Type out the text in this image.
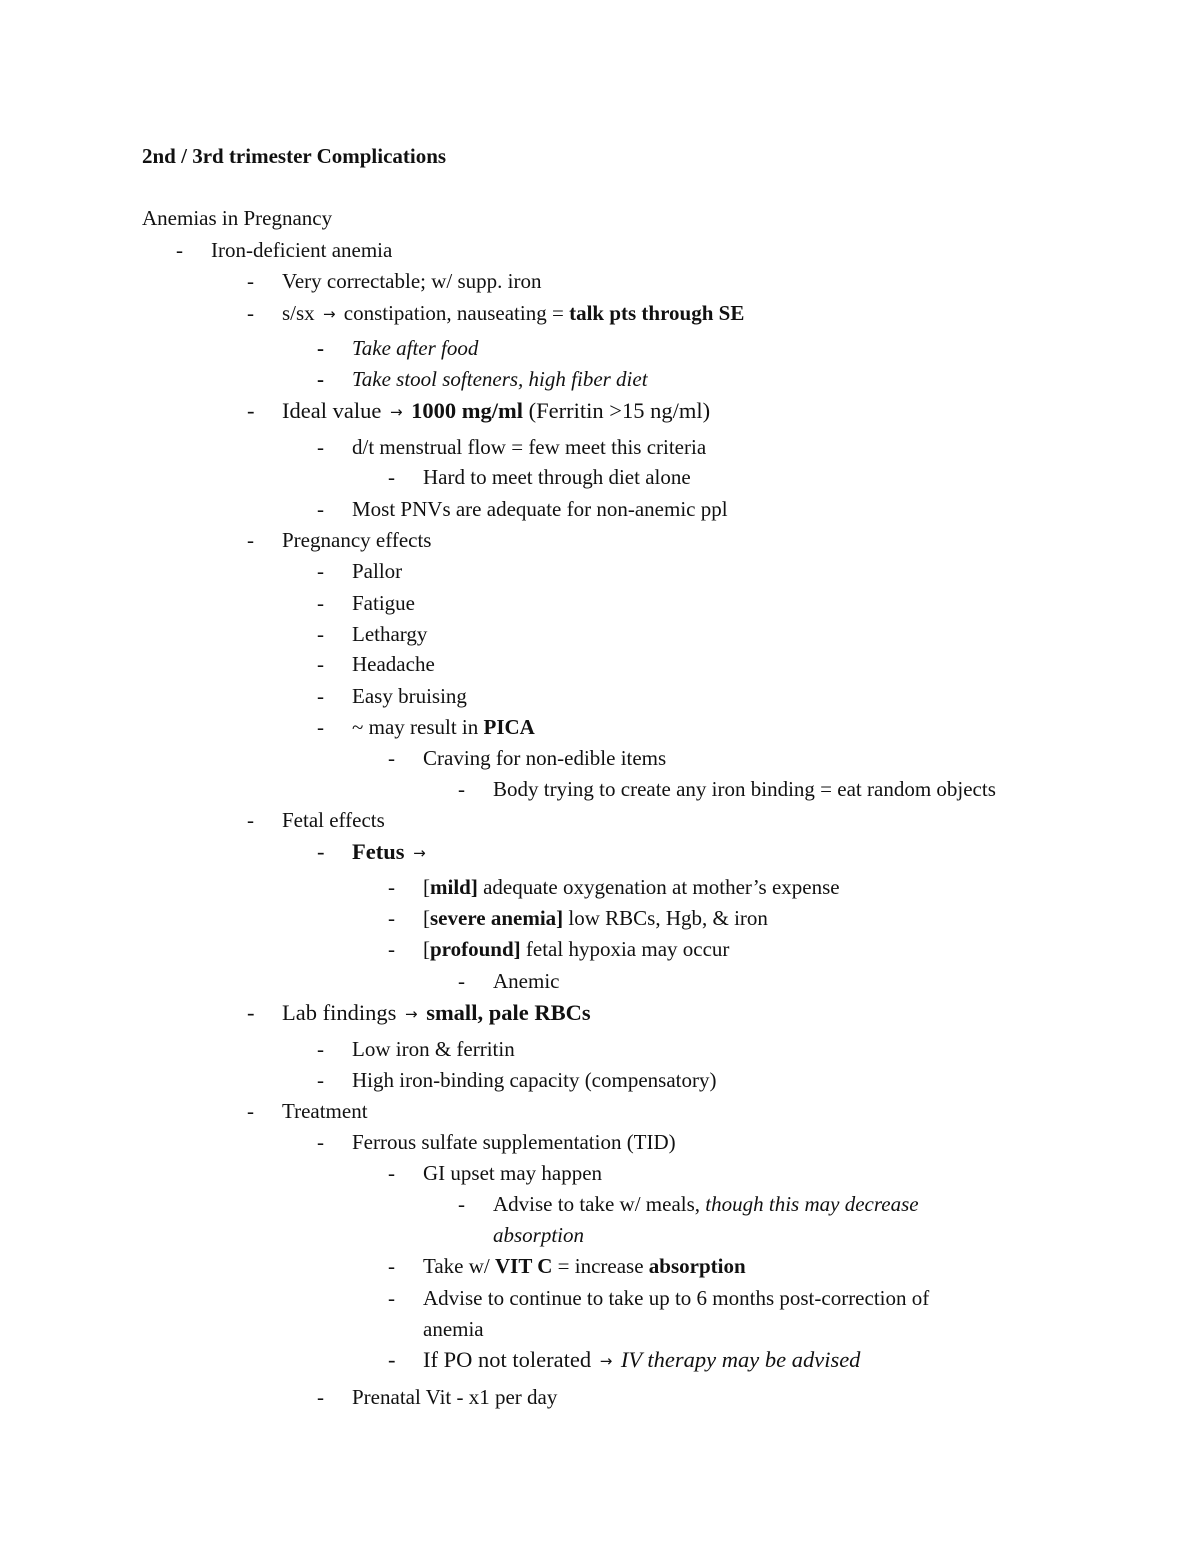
2nd / 3rd trimester Complications
Anemias in Pregnancy
-	Iron-deficient anemia
-	Very correctable; w/ supp. iron
-	s/sx → constipation, nauseating = talk pts through SE
-	Take after food
-	Take stool softeners, high fiber diet
- Ideal value → 1000 mg/ml (Ferritin >15 ng/ml)
-	d/t menstrual flow = few meet this criteria
-	Hard to meet through diet alone
-	Most PNVs are adequate for non-anemic ppl
-	Pregnancy effects
-	Pallor
-	Fatigue
-	Lethargy
-	Headache
-	Easy bruising
-	~ may result in PICA
-	Craving for non-edible items
-	Body trying to create any iron binding = eat random objects
-	Fetal effects
- Fetus →
-	[mild] adequate oxygenation at mother’s expense
-	[severe anemia] low RBCs, Hgb, & iron
-	[profound] fetal hypoxia may occur
-	Anemic
- Lab findings → small, pale RBCs
-	Low iron & ferritin
-	High iron-binding capacity (compensatory)
-	Treatment
-	Ferrous sulfate supplementation (TID)
-	GI upset may happen
-	Advise to take w/ meals, though this may decrease
absorption
-	Take w/ VIT C = increase absorption
-	Advise to continue to take up to 6 months post-correction of
anemia
- If PO not tolerated → IV therapy may be advised
-	Prenatal Vit - x1 per day
